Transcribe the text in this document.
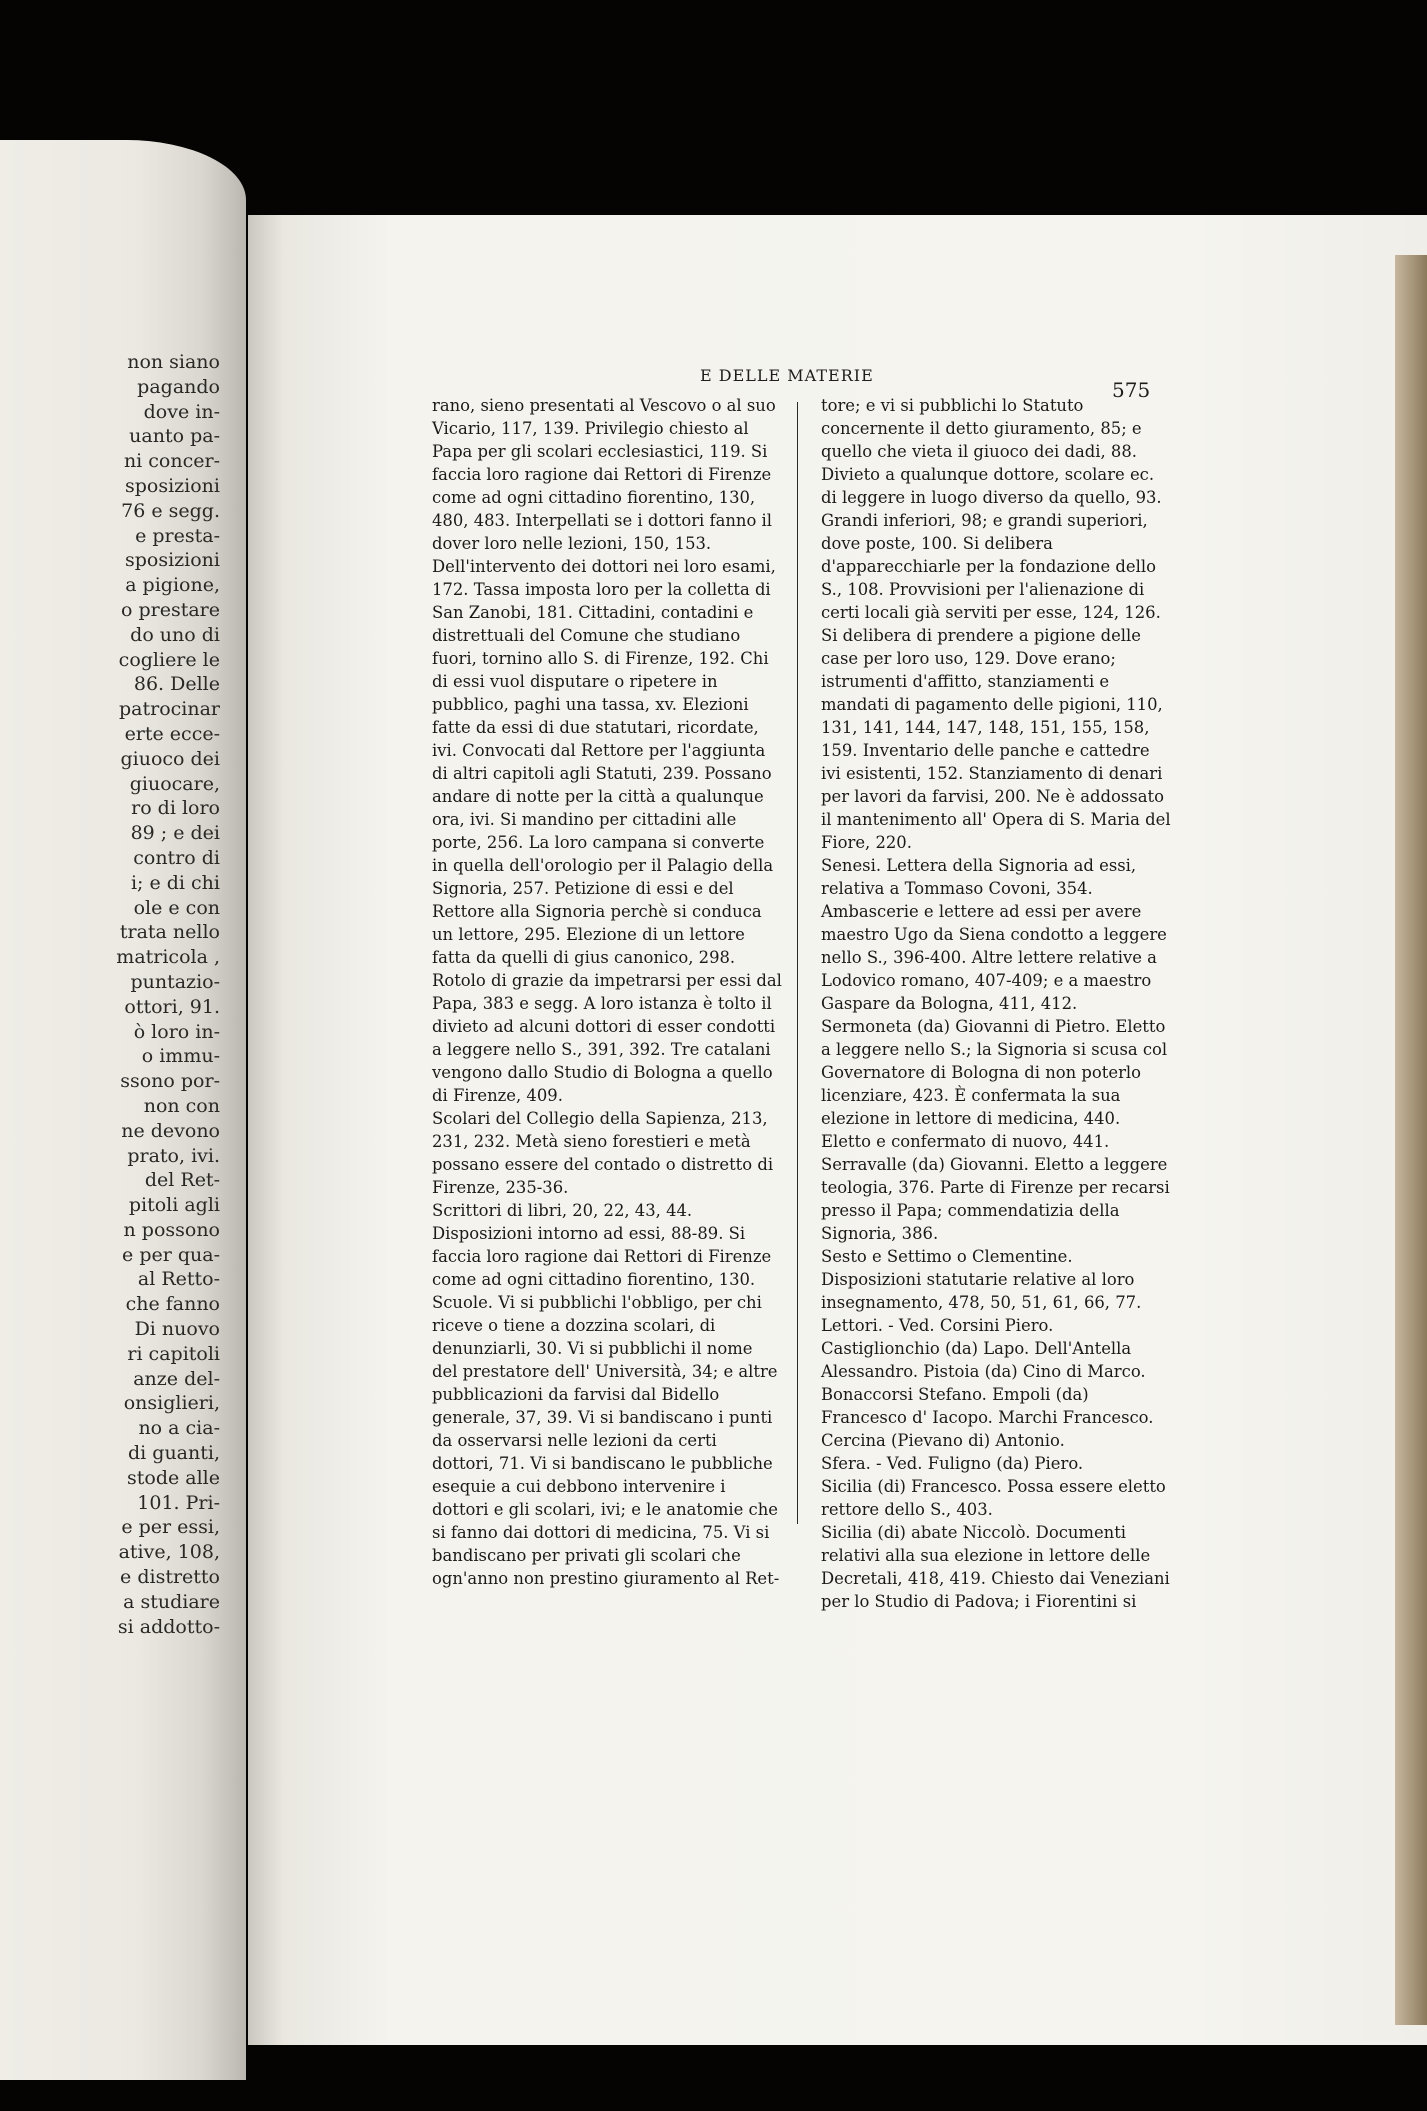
non siano
pagando
dove in-
uanto pa-
ni concer-
sposizioni
76 e segg.
e presta-
sposizioni
a pigione,
o prestare
do uno di
cogliere le
86. Delle
patrocinar
erte ecce-
giuoco dei
giuocare,
ro di loro
89 ; e dei
contro di
i; e di chi
ole e con
trata nello
matricola ,
puntazio-
ottori, 91.
ò loro in-
o immu-
ssono por-
non con
ne devono
prato, ivi.
del Ret-
pitoli agli
n possono
e per qua-
al Retto-
che fanno
Di nuovo
ri capitoli
anze del-
onsiglieri,
no a cia-
di guanti,
stode alle
101. Pri-
e per essi,
ative, 108,
e distretto
a studiare
si addotto-
E DELLE MATERIE
575

rano, sieno presentati al Vescovo o al suo Vicario, 117, 139. Privilegio chiesto al Papa per gli scolari ecclesiastici, 119. Si faccia loro ragione dai Rettori di Firenze come ad ogni cittadino fiorentino, 130, 480, 483. Interpellati se i dottori fanno il dover loro nelle lezioni, 150, 153. Dell'intervento dei dottori nei loro esami, 172. Tassa imposta loro per la colletta di San Zanobi, 181. Cittadini, contadini e distrettuali del Comune che studiano fuori, tornino allo S. di Firenze, 192. Chi di essi vuol disputare o ripetere in pubblico, paghi una tassa, xv. Elezioni fatte da essi di due statutari, ricordate, ivi. Convocati dal Rettore per l'aggiunta di altri capitoli agli Statuti, 239. Possano andare di notte per la città a qualunque ora, ivi. Si mandino per cittadini alle porte, 256. La loro campana si converte in quella dell'orologio per il Palagio della Signoria, 257. Petizione di essi e del Rettore alla Signoria perchè si conduca un lettore, 295. Elezione di un lettore fatta da quelli di gius canonico, 298. Rotolo di grazie da impetrarsi per essi dal Papa, 383 e segg. A loro istanza è tolto il divieto ad alcuni dottori di esser condotti a leggere nello S., 391, 392. Tre catalani vengono dallo Studio di Bologna a quello di Firenze, 409.

Scolari del Collegio della Sapienza, 213, 231, 232. Metà sieno forestieri e metà possano essere del contado o distretto di Firenze, 235-36.

Scrittori di libri, 20, 22, 43, 44. Disposizioni intorno ad essi, 88-89. Si faccia loro ragione dai Rettori di Firenze come ad ogni cittadino fiorentino, 130.

Scuole. Vi si pubblichi l'obbligo, per chi riceve o tiene a dozzina scolari, di denunziarli, 30. Vi si pubblichi il nome del prestatore dell' Università, 34; e altre pubblicazioni da farvisi dal Bidello generale, 37, 39. Vi si bandiscano i punti da osservarsi nelle lezioni da certi dottori, 71. Vi si bandiscano le pubbliche esequie a cui debbono intervenire i dottori e gli scolari, ivi; e le anatomie che si fanno dai dottori di medicina, 75. Vi si bandiscano per privati gli scolari che ogn'anno non prestino giuramento al Ret-

tore; e vi si pubblichi lo Statuto concernente il detto giuramento, 85; e quello che vieta il giuoco dei dadi, 88. Divieto a qualunque dottore, scolare ec. di leggere in luogo diverso da quello, 93. Grandi inferiori, 98; e grandi superiori, dove poste, 100. Si delibera d'apparecchiarle per la fondazione dello S., 108. Provvisioni per l'alienazione di certi locali già serviti per esse, 124, 126. Si delibera di prendere a pigione delle case per loro uso, 129. Dove erano; istrumenti d'affitto, stanziamenti e mandati di pagamento delle pigioni, 110, 131, 141, 144, 147, 148, 151, 155, 158, 159. Inventario delle panche e cattedre ivi esistenti, 152. Stanziamento di denari per lavori da farvisi, 200. Ne è addossato il mantenimento all' Opera di S. Maria del Fiore, 220.

Senesi. Lettera della Signoria ad essi, relativa a Tommaso Covoni, 354. Ambascerie e lettere ad essi per avere maestro Ugo da Siena condotto a leggere nello S., 396-400. Altre lettere relative a Lodovico romano, 407-409; e a maestro Gaspare da Bologna, 411, 412.

Sermoneta (da) Giovanni di Pietro. Eletto a leggere nello S.; la Signoria si scusa col Governatore di Bologna di non poterlo licenziare, 423. È confermata la sua elezione in lettore di medicina, 440. Eletto e confermato di nuovo, 441.

Serravalle (da) Giovanni. Eletto a leggere teologia, 376. Parte di Firenze per recarsi presso il Papa; commendatizia della Signoria, 386.

Sesto e Settimo o Clementine. Disposizioni statutarie relative al loro insegnamento, 478, 50, 51, 61, 66, 77. Lettori. - Ved. Corsini Piero. Castiglionchio (da) Lapo. Dell'Antella Alessandro. Pistoia (da) Cino di Marco. Bonaccorsi Stefano. Empoli (da) Francesco d' Iacopo. Marchi Francesco. Cercina (Pievano di) Antonio.

Sfera. - Ved. Fuligno (da) Piero.

Sicilia (di) Francesco. Possa essere eletto rettore dello S., 403.

Sicilia (di) abate Niccolò. Documenti relativi alla sua elezione in lettore delle Decretali, 418, 419. Chiesto dai Veneziani per lo Studio di Padova; i Fiorentini si
